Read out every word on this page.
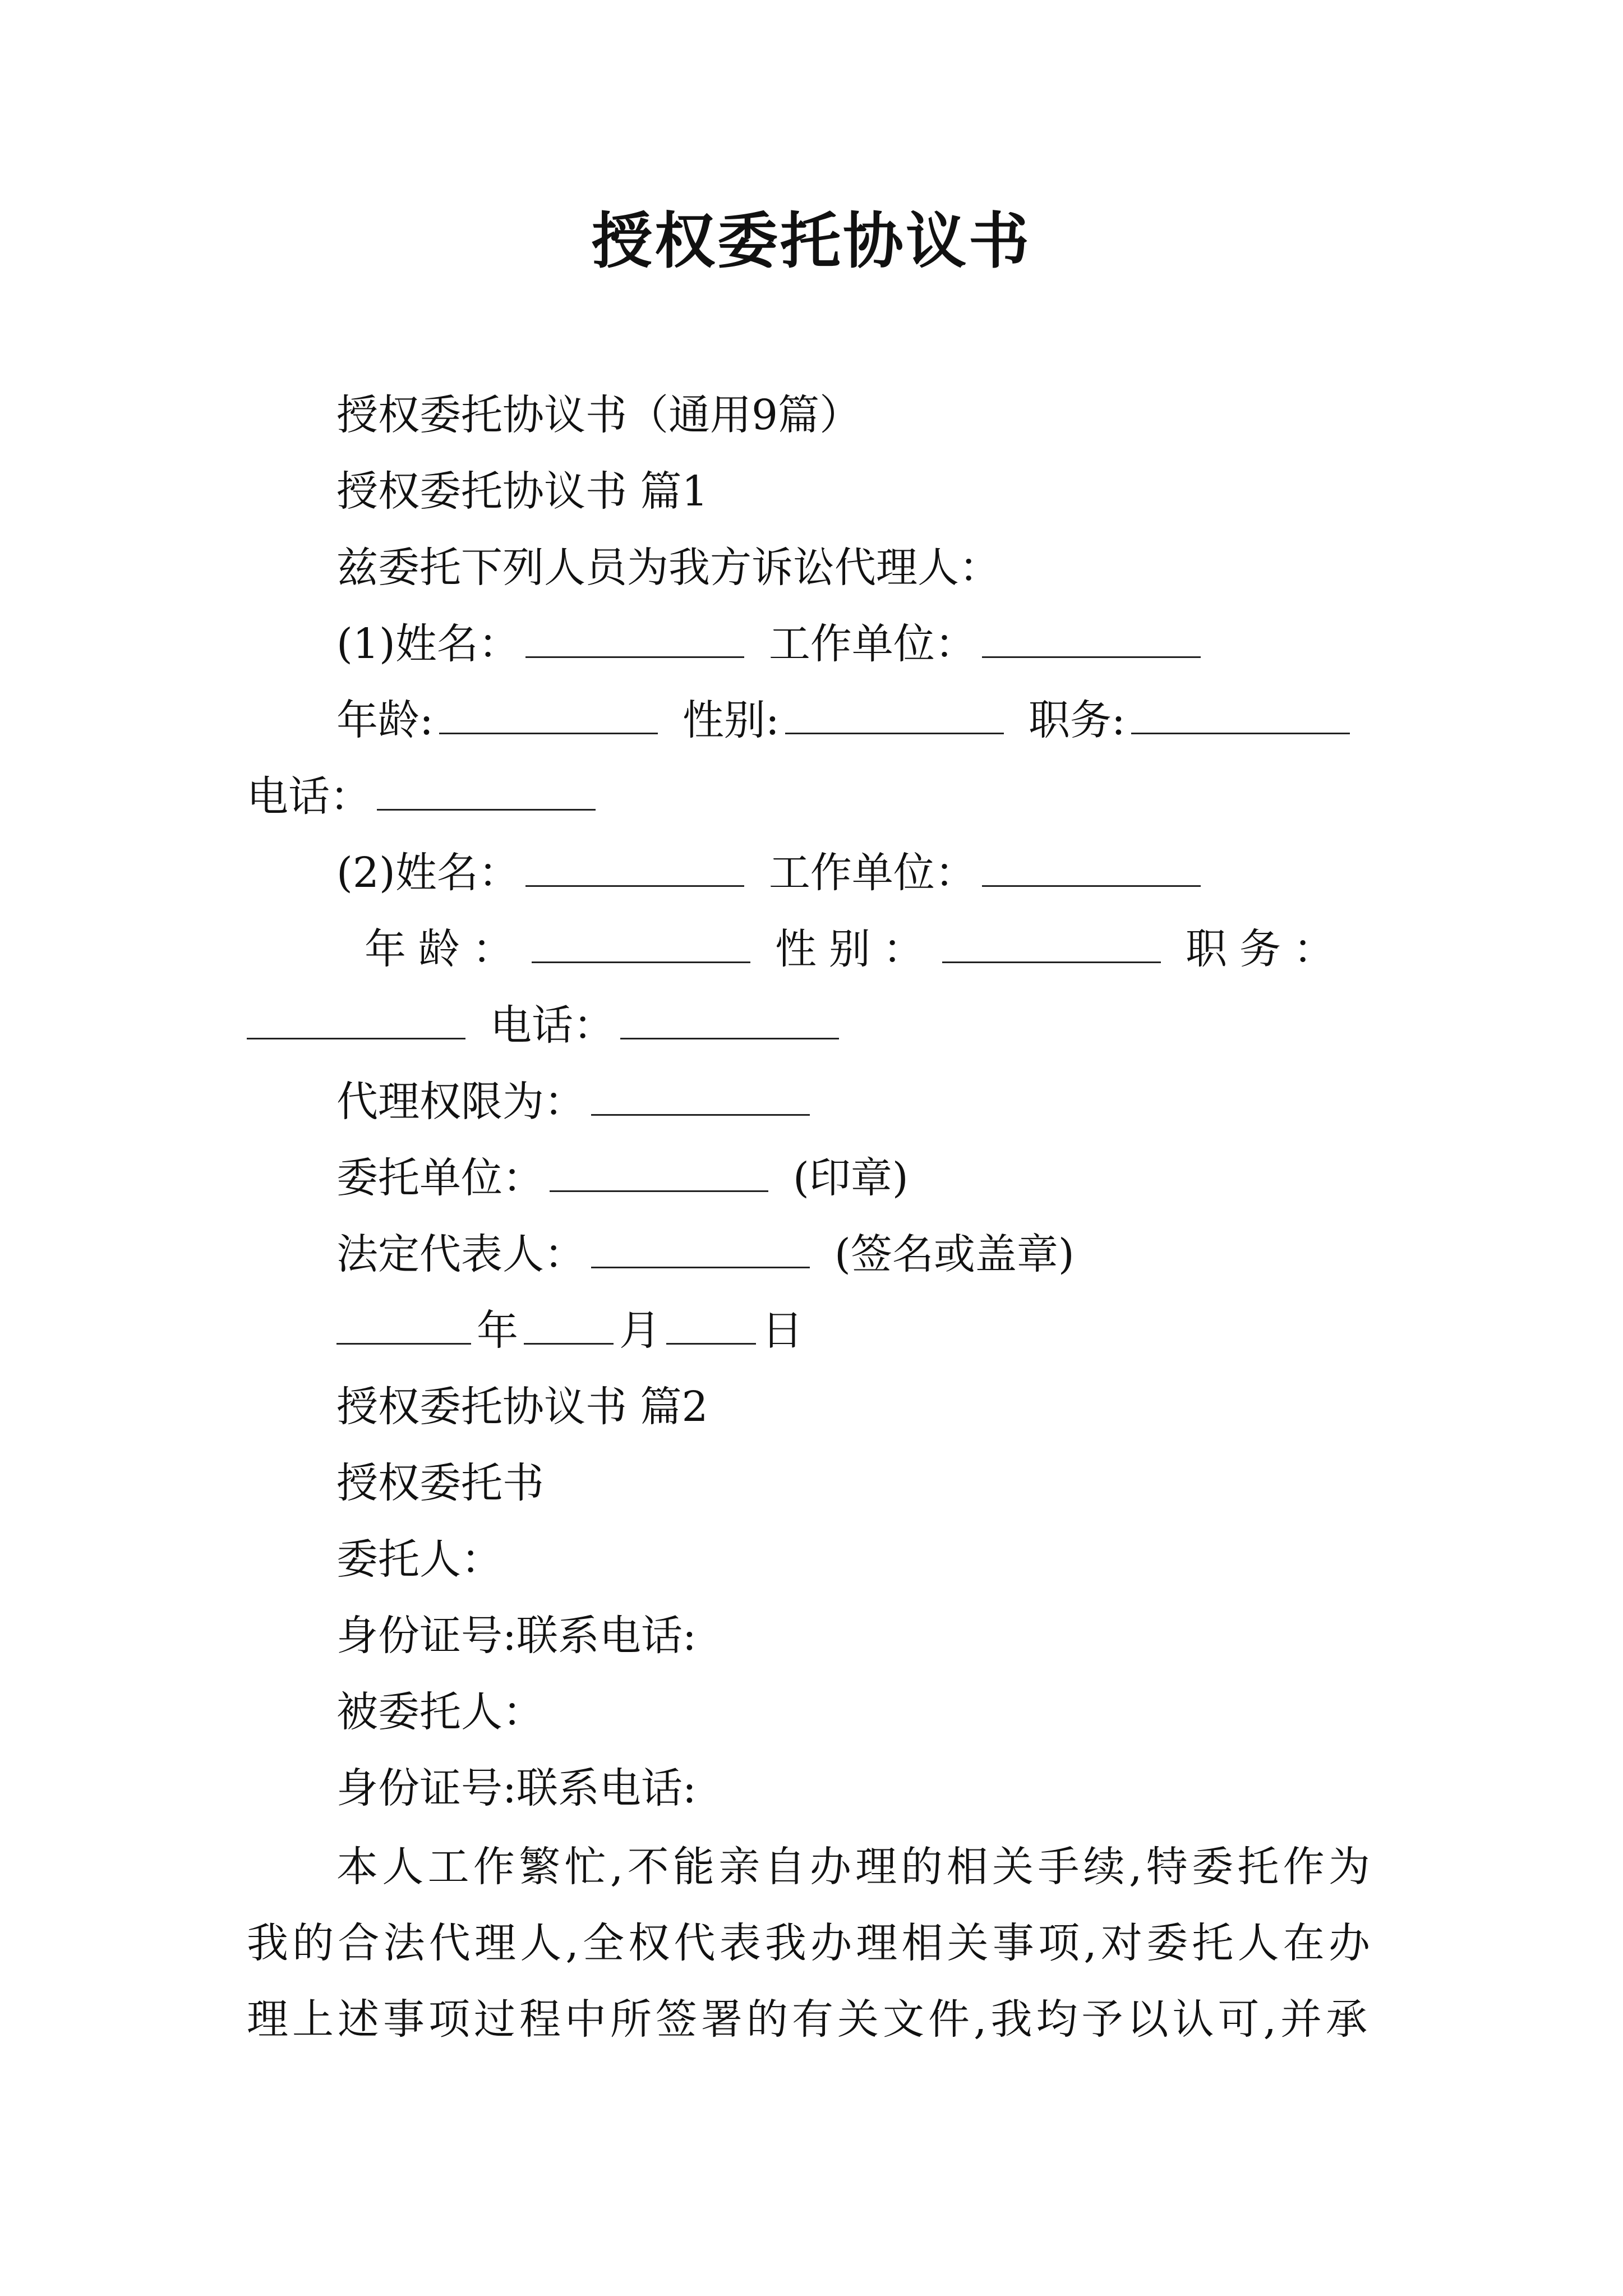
授权委托协议书
授权委托协议书（通用9篇）
授权委托协议书 篇1
兹委托下列人员为我方诉讼代理人：
(1)姓名：	工作单位：
年龄:	性别:	职务:
电话：
(2)姓名：	工作单位：
年龄：	性别：	职务：
电话：
代理权限为：
委托单位：	(印章)
法定代表人：	(签名或盖章)
年 月 日
授权委托协议书 篇2
授权委托书
委托人：
身份证号:联系电话:
被委托人：
身份证号:联系电话:
本人工作繁忙,不能亲自办理的相关手续,特委托作为我的合法代理人,全权代表我办理相关事项,对委托人在办理上述事项过程中所签署的有关文件,我均予以认可,并承
